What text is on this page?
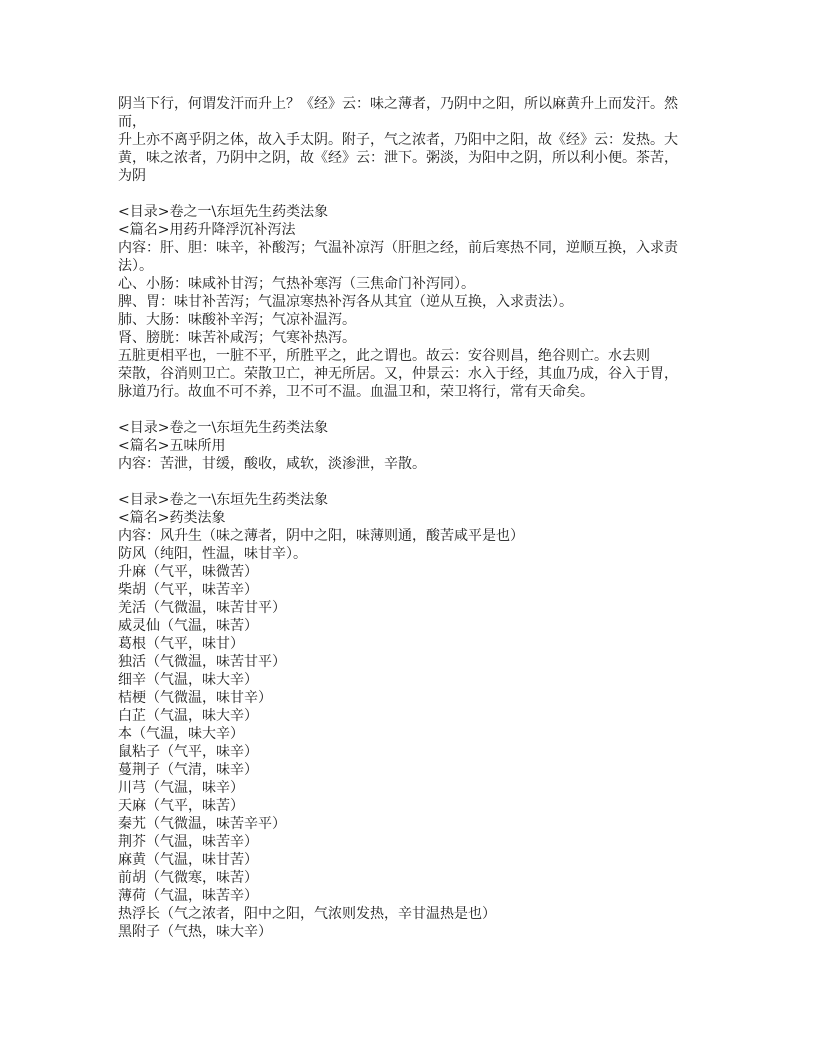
阴当下行，何谓发汗而升上？《经》云：味之薄者，乃阴中之阳，所以麻黄升上而发汗。然
而，
升上亦不离乎阴之体，故入手太阴。附子，气之浓者，乃阳中之阳，故《经》云：发热。大
黄，味之浓者，乃阴中之阴，故《经》云：泄下。粥淡，为阳中之阴，所以利小便。茶苦，
为阴
<目录>卷之一\东垣先生药类法象
<篇名>用药升降浮沉补泻法
内容：肝、胆：味辛，补酸泻；气温补凉泻（肝胆之经，前后寒热不同，逆顺互换，入求责
法）。
心、小肠：味咸补甘泻；气热补寒泻（三焦命门补泻同）。
脾、胃：味甘补苦泻；气温凉寒热补泻各从其宜（逆从互换，入求责法）。
肺、大肠：味酸补辛泻；气凉补温泻。
肾、膀胱：味苦补咸泻；气寒补热泻。
五脏更相平也，一脏不平，所胜平之，此之谓也。故云：安谷则昌，绝谷则亡。水去则
荣散，谷消则卫亡。荣散卫亡，神无所居。又，仲景云：水入于经，其血乃成，谷入于胃，
脉道乃行。故血不可不养，卫不可不温。血温卫和，荣卫将行，常有天命矣。
<目录>卷之一\东垣先生药类法象
<篇名>五味所用
内容：苦泄，甘缓，酸收，咸软，淡渗泄，辛散。
<目录>卷之一\东垣先生药类法象
<篇名>药类法象
内容：风升生（味之薄者，阴中之阳，味薄则通，酸苦咸平是也）
防风（纯阳，性温，味甘辛）。
升麻（气平，味微苦）
柴胡（气平，味苦辛）
羌活（气微温，味苦甘平）
威灵仙（气温，味苦）
葛根（气平，味甘）
独活（气微温，味苦甘平）
细辛（气温，味大辛）
桔梗（气微温，味甘辛）
白芷（气温，味大辛）
本（气温，味大辛）
鼠粘子（气平，味辛）
蔓荆子（气清，味辛）
川芎（气温，味辛）
天麻（气平，味苦）
秦艽（气微温，味苦辛平）
荆芥（气温，味苦辛）
麻黄（气温，味甘苦）
前胡（气微寒，味苦）
薄荷（气温，味苦辛）
热浮长（气之浓者，阳中之阳，气浓则发热，辛甘温热是也）
黑附子（气热，味大辛）
